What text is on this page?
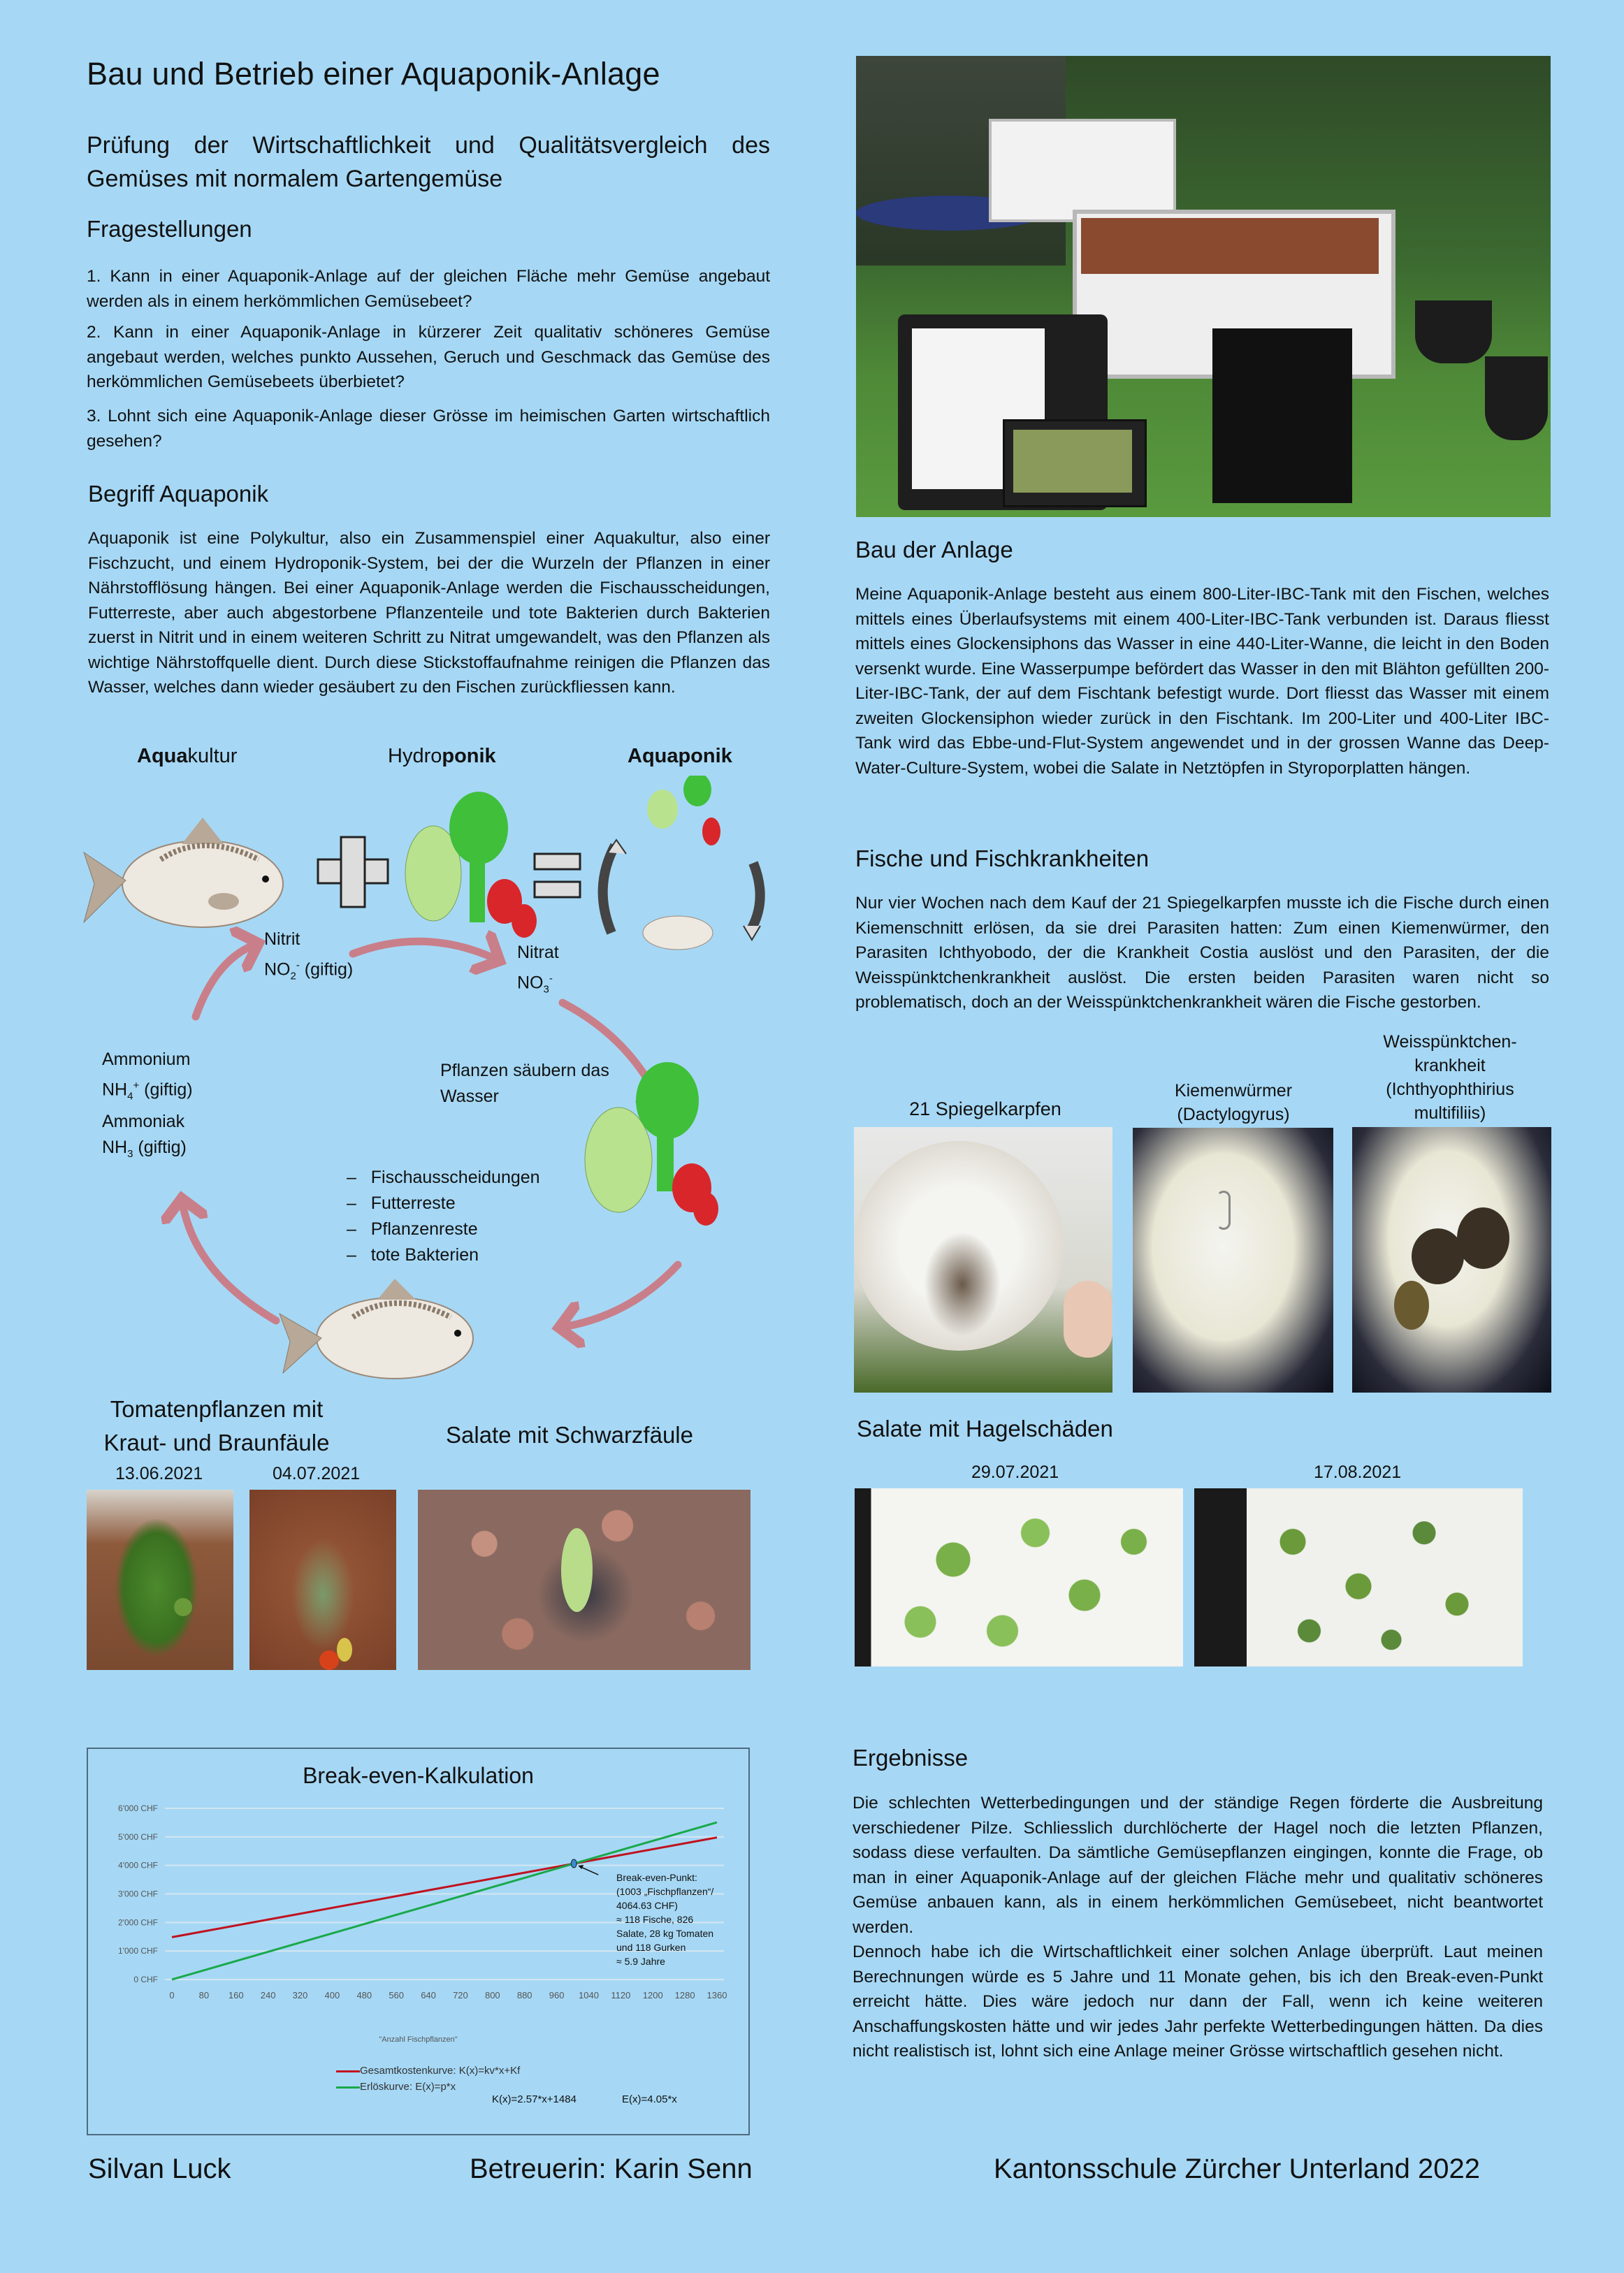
Bau und Betrieb einer Aquaponik-Anlage
Prüfung der Wirtschaftlichkeit und Qualitätsvergleich des Gemüses mit normalem Gartengemüse
Fragestellungen
1. Kann in einer Aquaponik-Anlage auf der gleichen Fläche mehr Gemüse angebaut werden als in einem herkömmlichen Gemüsebeet?
2. Kann in einer Aquaponik-Anlage in kürzerer Zeit qualitativ schöneres Gemüse angebaut werden, welches punkto Aussehen, Geruch und Geschmack das Gemüse des herkömmlichen Gemüsebeets überbietet?
3. Lohnt sich eine Aquaponik-Anlage dieser Grösse im heimischen Garten wirtschaftlich gesehen?
Begriff Aquaponik
Aquaponik ist eine Polykultur, also ein Zusammenspiel einer Aquakultur, also einer Fischzucht, und einem Hydroponik-System, bei der die Wurzeln der Pflanzen in einer Nährstofflösung hängen. Bei einer Aquaponik-Anlage werden die Fischausscheidungen, Futterreste, aber auch abgestorbene Pflanzenteile und tote Bakterien durch Bakterien zuerst in Nitrit und in einem weiteren Schritt zu Nitrat umgewandelt, was den Pflanzen als wichtige Nährstoffquelle dient. Durch diese Stickstoffaufnahme reinigen die Pflanzen das Wasser, welches dann wieder gesäubert zu den Fischen zurückfliessen kann.
Aquakultur	Hydroponik	Aquaponik
Nitrit
$NO_2^-$ (giftig)
Nitrat
$NO_3^-$
Ammonium
$NH_4^+$ (giftig)
Ammoniak
$NH_3$ (giftig)
Pflanzen säubern das Wasser
–   Fischausscheidungen
–   Futterreste
–   Pflanzenreste
–   tote Bakterien
Tomatenpflanzen mit
Kraut- und Braunfäule
13.06.2021	04.07.2021
Salate mit Schwarzfäule
Break-even-Kalkulation
0 CHF
1'000 CHF
2'000 CHF
3'000 CHF
4'000 CHF
5'000 CHF
6'000 CHF
0	80 160 240 320 400 480 560 640 720 800 880 960 1040 1120 1200 1280 1360
"Anzahl Fischpflanzen"
K(x)=2.57*x+1484	E(x)=4.05*x
Gesamtkostenkurve: K(x)=kv*x+Kf
Erlöskurve: E(x)=p*x
Break-even-Punkt:
(1003 „Fischpflanzen“/
4064.63 CHF)
≈ 118 Fische, 826
Salate, 28 kg Tomaten
und 118 Gurken
≈ 5.9 Jahre
Bau der Anlage
Meine Aquaponik-Anlage besteht aus einem 800-Liter-IBC-Tank mit den Fischen, welches mittels eines Überlaufsystems mit einem 400-Liter-IBC-Tank verbunden ist. Daraus fliesst mittels eines Glockensiphons das Wasser in eine 440-Liter-Wanne, die leicht in den Boden versenkt wurde. Eine Wasserpumpe befördert das Wasser in den mit Blähton gefüllten 200-Liter-IBC-Tank, der auf dem Fischtank befestigt wurde. Dort fliesst das Wasser mit einem zweiten Glockensiphon wieder zurück in den Fischtank. Im 200-Liter und 400-Liter IBC-Tank wird das Ebbe-und-Flut-System angewendet und in der grossen Wanne das Deep-Water-Culture-System, wobei die Salate in Netztöpfen in Styroporplatten hängen.
Fische und Fischkrankheiten
Nur vier Wochen nach dem Kauf der 21 Spiegelkarpfen musste ich die Fische durch einen Kiemenschnitt erlösen, da sie drei Parasiten hatten: Zum einen Kiemenwürmer, den Parasiten Ichthyobodo, der die Krankheit Costia auslöst und den Parasiten, der die Weisspünktchenkrankheit auslöst. Die ersten beiden Parasiten waren nicht so problematisch, doch an der Weisspünktchenkrankheit wären die Fische gestorben.
21 Spiegelkarpfen
Kiemenwürmer
(Dactylogyrus)
Weisspünktchen-
krankheit
(Ichthyophthirius
multifiliis)
Salate mit Hagelschäden
29.07.2021	17.08.2021
Ergebnisse
Die schlechten Wetterbedingungen und der ständige Regen förderte die Ausbreitung verschiedener Pilze. Schliesslich durchlöcherte der Hagel noch die letzten Pflanzen, sodass diese verfaulten. Da sämtliche Gemüsepflanzen eingingen, konnte die Frage, ob man in einer Aquaponik-Anlage auf der gleichen Fläche mehr und qualitativ schöneres Gemüse anbauen kann, als in einem herkömmlichen Gemüsebeet, nicht beantwortet werden.
Dennoch habe ich die Wirtschaftlichkeit einer solchen Anlage überprüft. Laut meinen Berechnungen würde es 5 Jahre und 11 Monate gehen, bis ich den Break-even-Punkt erreicht hätte. Dies wäre jedoch nur dann der Fall, wenn ich keine weiteren Anschaffungskosten hätte und wir jedes Jahr perfekte Wetterbedingungen hätten. Da dies nicht realistisch ist, lohnt sich eine Anlage meiner Grösse wirtschaftlich gesehen nicht.
Silvan Luck	Betreuerin: Karin Senn	Kantonsschule Zürcher Unterland 2022
